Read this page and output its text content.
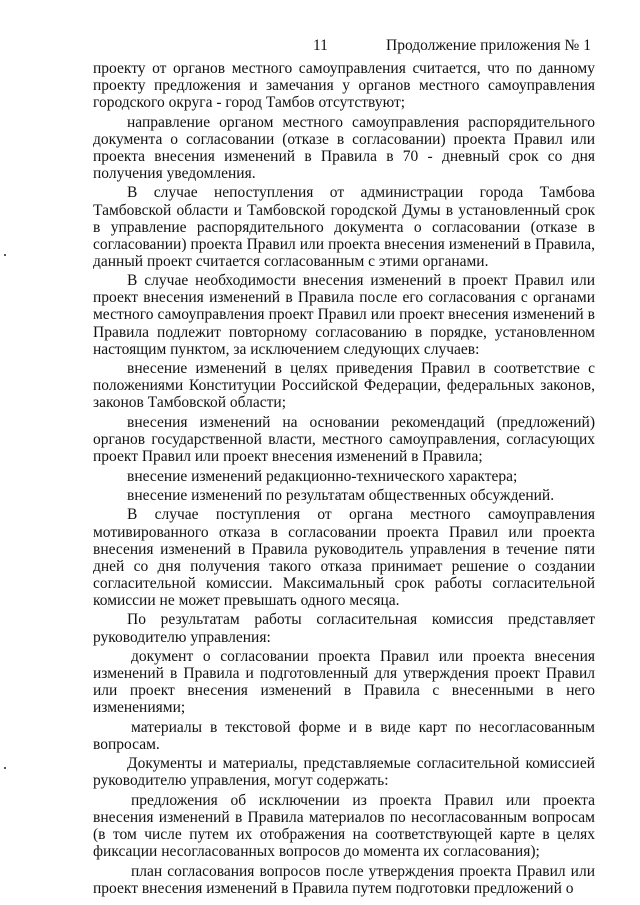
11	Продолжение приложения № 1

проекту от органов местного самоуправления считается, что по данному проекту предложения и замечания у органов местного самоуправления городского округа - город Тамбов отсутствуют;

направление органом местного самоуправления распорядительного документа о согласовании (отказе в согласовании) проекта Правил или проекта внесения изменений в Правила в 70 - дневный срок со дня получения уведомления.

В случае непоступления от администрации города Тамбова Тамбовской области и Тамбовской городской Думы в установленный срок в управление распорядительного документа о согласовании (отказе в согласовании) проекта Правил или проекта внесения изменений в Правила, данный проект считается согласованным с этими органами.

В случае необходимости внесения изменений в проект Правил или проект внесения изменений в Правила после его согласования с органами местного самоуправления проект Правил или проект внесения изменений в Правила подлежит повторному согласованию в порядке, установленном настоящим пунктом, за исключением следующих случаев:

внесение изменений в целях приведения Правил в соответствие с положениями Конституции Российской Федерации, федеральных законов, законов Тамбовской области;

внесения изменений на основании рекомендаций (предложений) органов государственной власти, местного самоуправления, согласующих проект Правил или проект внесения изменений в Правила;

внесение изменений редакционно-технического характера;

внесение изменений по результатам общественных обсуждений.

В случае поступления от органа местного самоуправления мотивированного отказа в согласовании проекта Правил или проекта внесения изменений в Правила руководитель управления в течение пяти дней со дня получения такого отказа принимает решение о создании согласительной комиссии. Максимальный срок работы согласительной комиссии не может превышать одного месяца.

По результатам работы согласительная комиссия представляет руководителю управления:

документ о согласовании проекта Правил или проекта внесения изменений в Правила и подготовленный для утверждения проект Правил или проект внесения изменений в Правила с внесенными в него изменениями;

материалы в текстовой форме и в виде карт по несогласованным вопросам.

Документы и материалы, представляемые согласительной комиссией руководителю управления, могут содержать:

предложения об исключении из проекта Правил или проекта внесения изменений в Правила материалов по несогласованным вопросам (в том числе путем их отображения на соответствующей карте в целях фиксации несогласованных вопросов до момента их согласования);

план согласования вопросов после утверждения проекта Правил или проект внесения изменений в Правила путем подготовки предложений о
